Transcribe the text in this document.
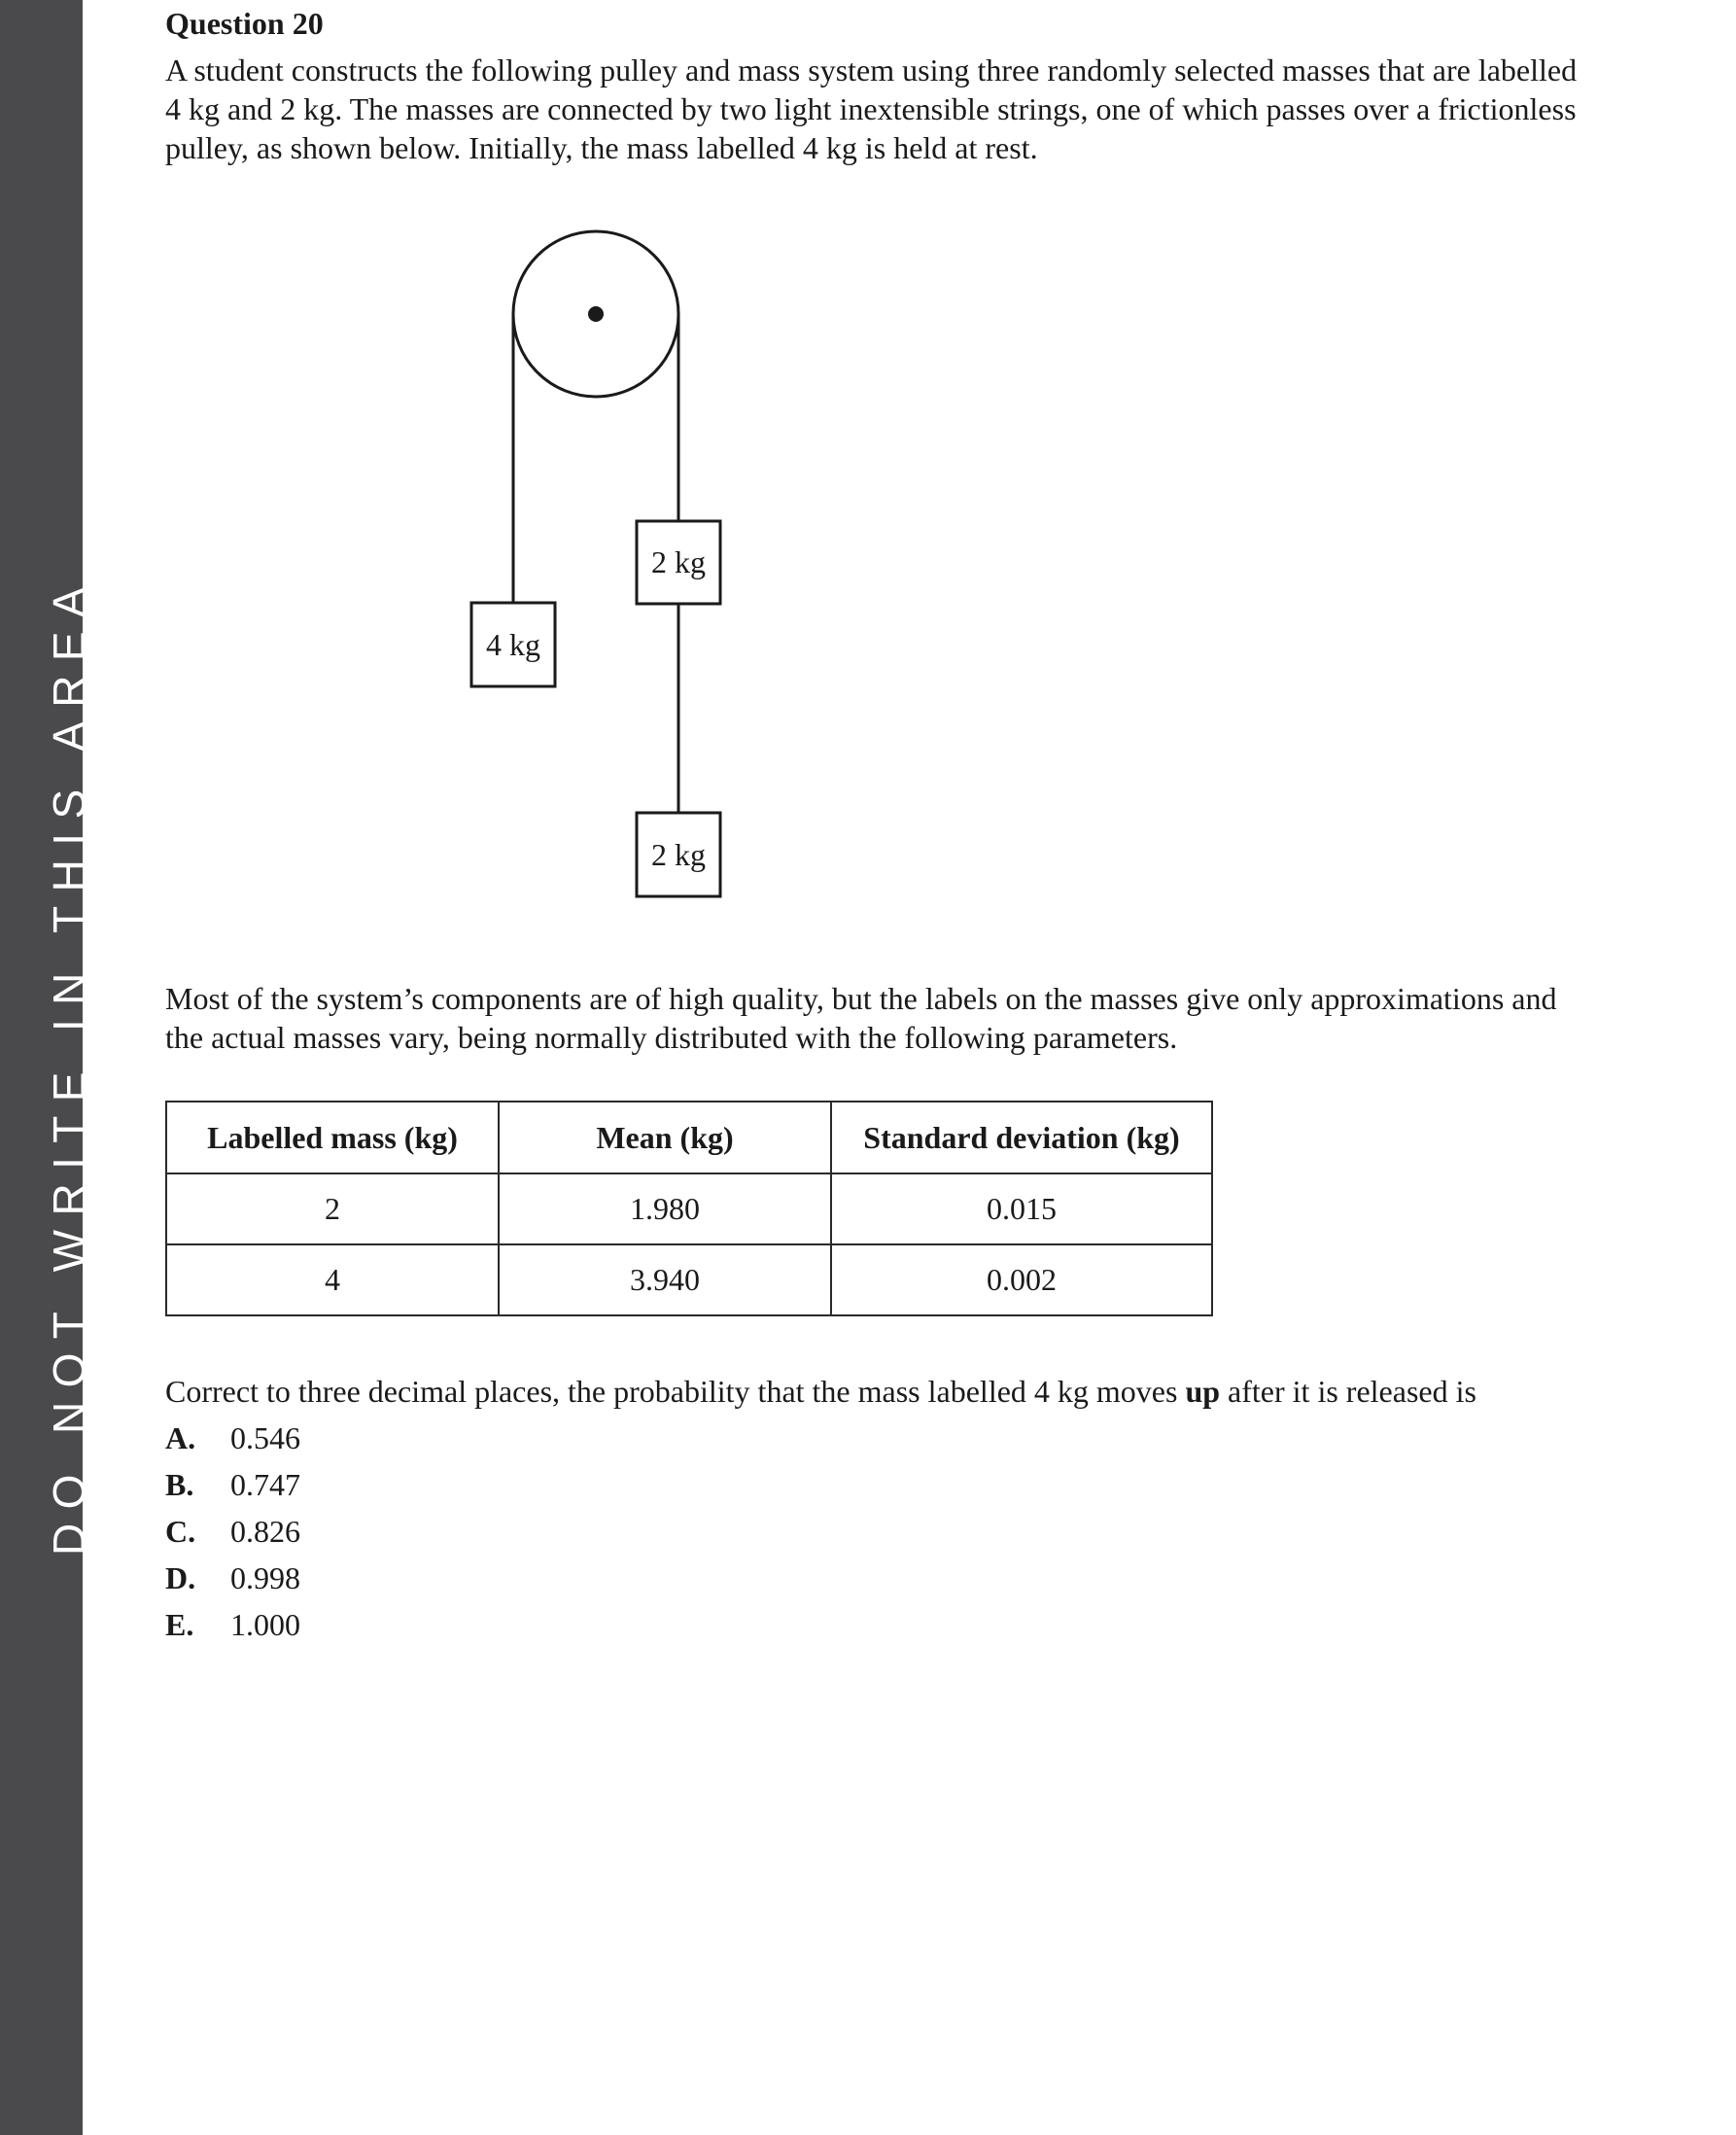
DO NOT WRITE IN THIS AREA

Question 20

A student constructs the following pulley and mass system using three randomly selected masses that are labelled 4 kg and 2 kg. The masses are connected by two light inextensible strings, one of which passes over a frictionless pulley, as shown below. Initially, the mass labelled 4 kg is held at rest.

4 kg
2 kg
2 kg

Most of the system’s components are of high quality, but the labels on the masses give only approximations and the actual masses vary, being normally distributed with the following parameters.

Labelled mass (kg)	Mean (kg)	Standard deviation (kg)
2	1.980	0.015
4	3.940	0.002

Correct to three decimal places, the probability that the mass labelled 4 kg moves up after it is released is

A. 0.546
B. 0.747
C. 0.826
D. 0.998
E. 1.000
